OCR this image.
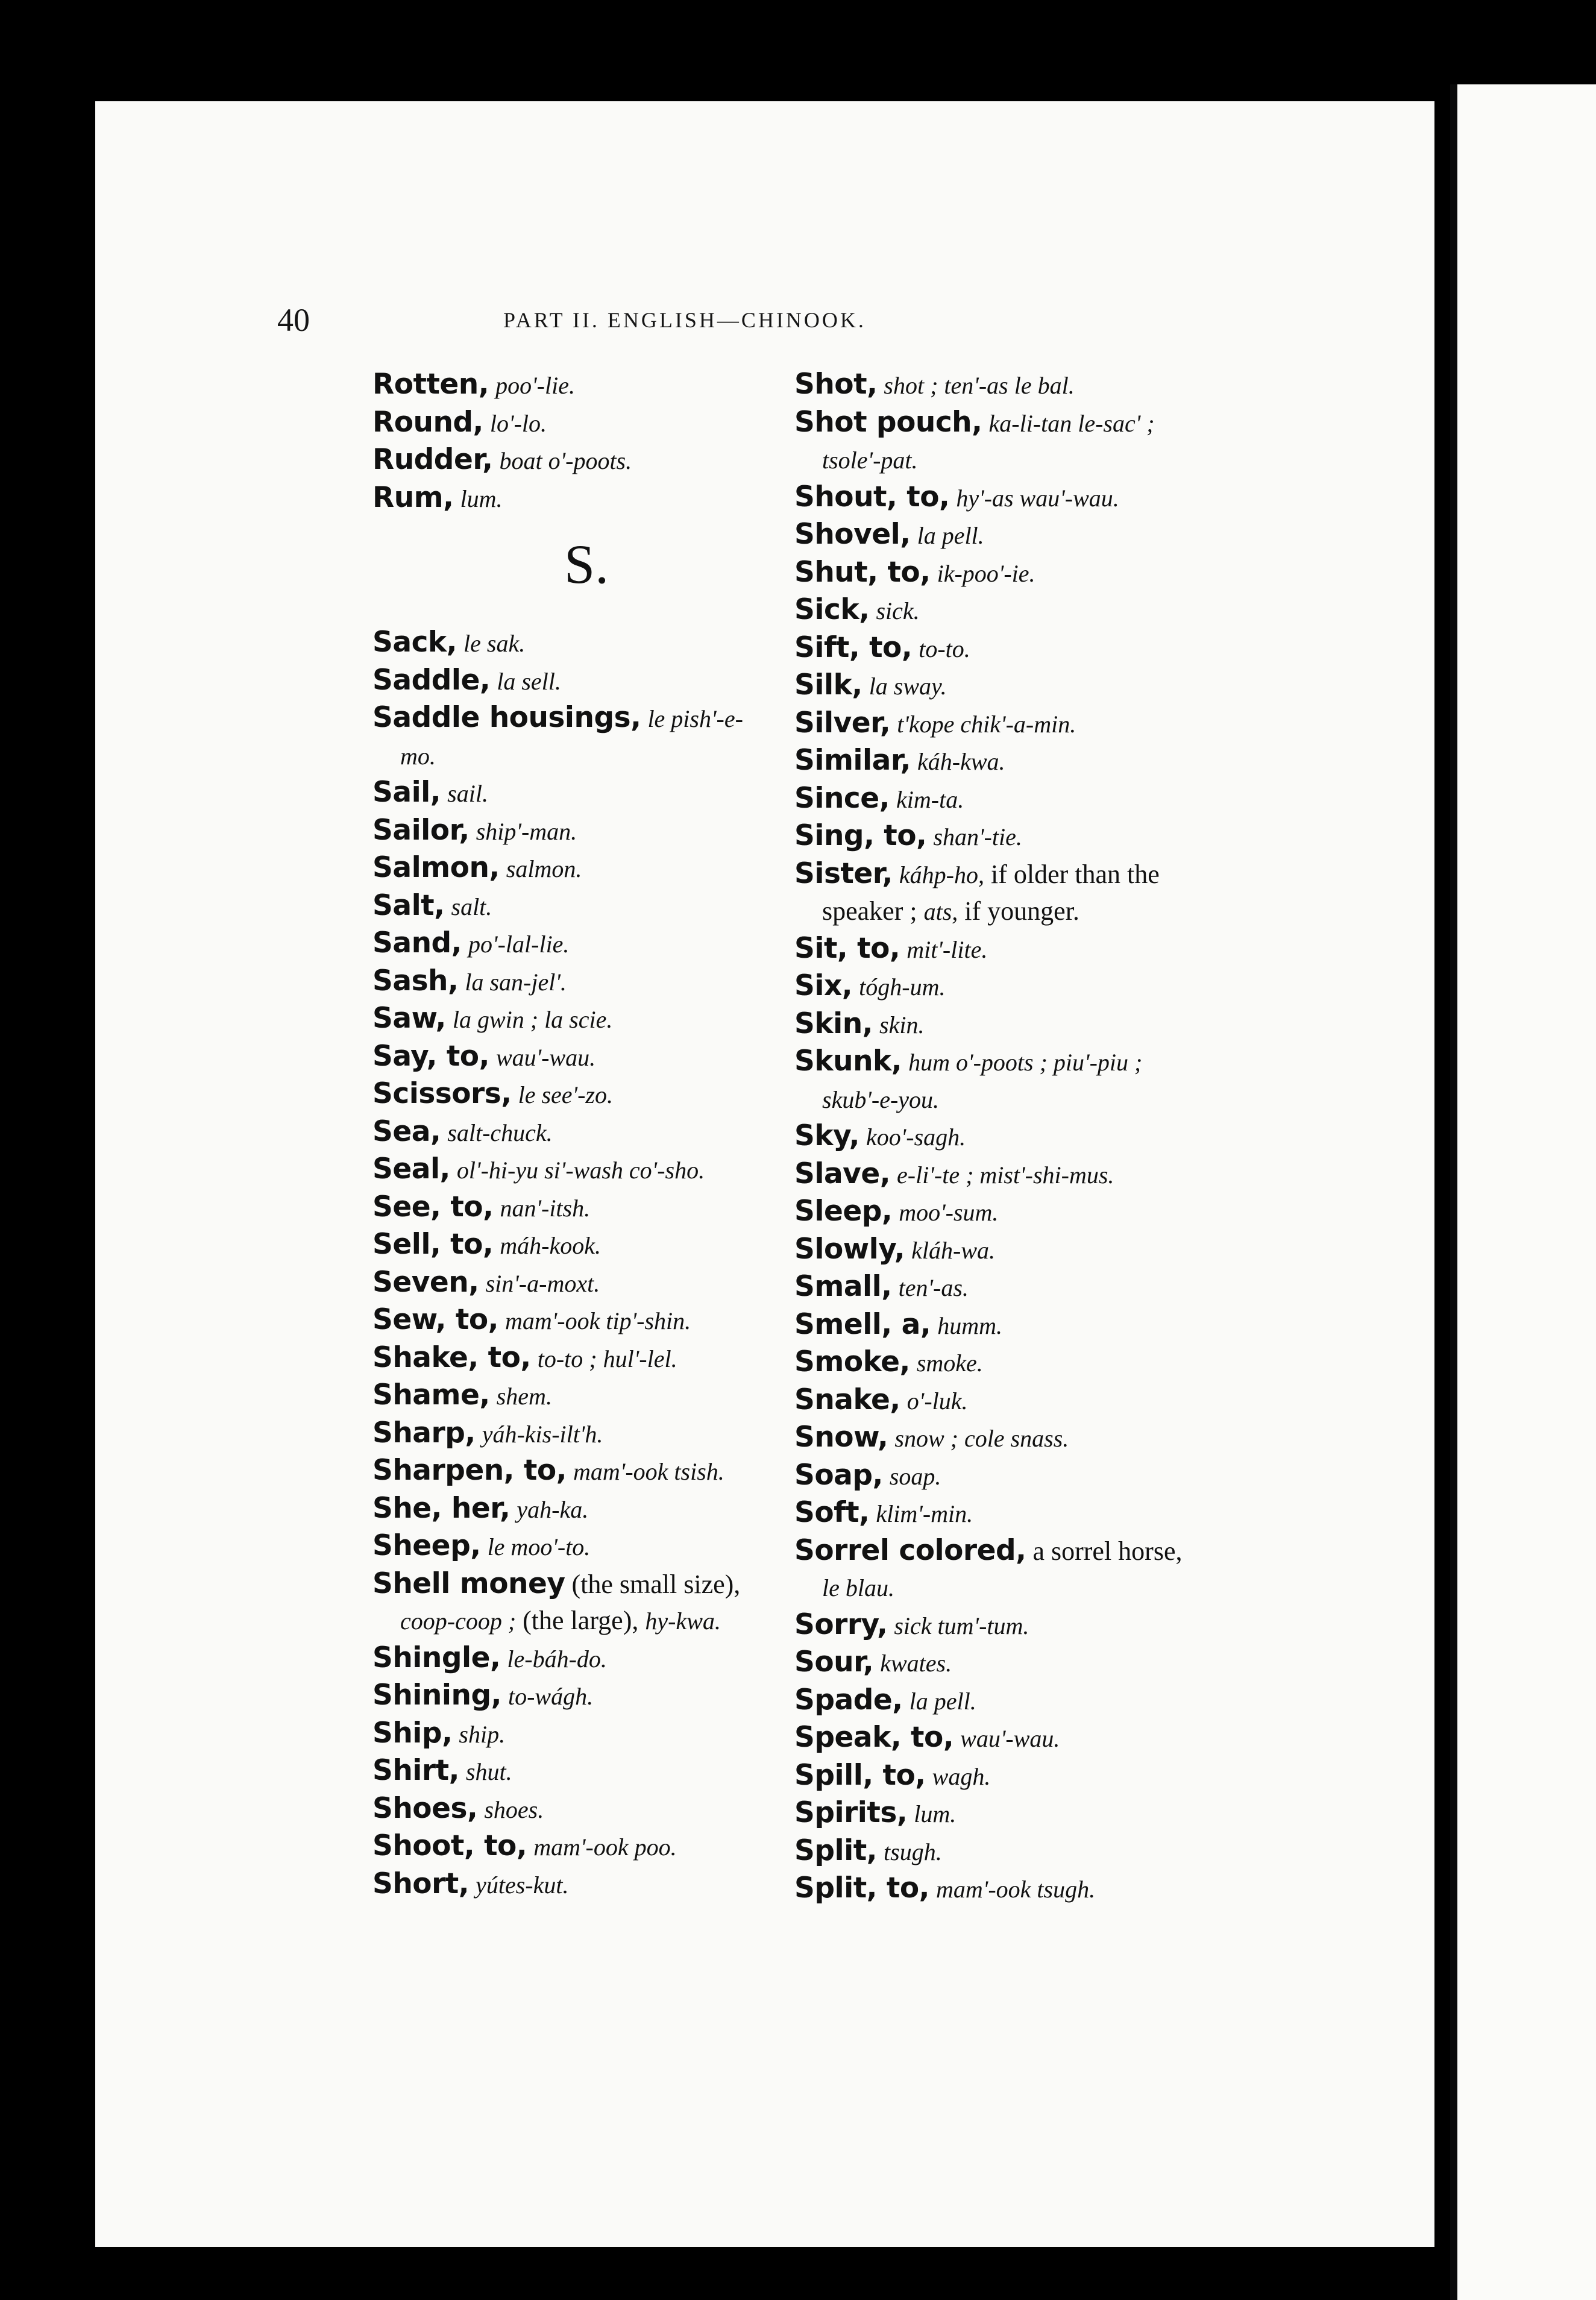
40	PART II. ENGLISH—CHINOOK.
Rotten, poo'-lie.
Round, lo'-lo.
Rudder, boat o'-poots.
Rum, lum.
S.
Sack, le sak.
Saddle, la sell.
Saddle housings, le pish'-e-
mo.
Sail, sail.
Sailor, ship'-man.
Salmon, salmon.
Salt, salt.
Sand, po'-lal-lie.
Sash, la san-jel'.
Saw, la gwin ; la scie.
Say, to, wau'-wau.
Scissors, le see'-zo.
Sea, salt-chuck.
Seal, ol'-hi-yu si'-wash co'-sho.
See, to, nan'-itsh.
Sell, to, máh-kook.
Seven, sin'-a-moxt.
Sew, to, mam'-ook tip'-shin.
Shake, to, to-to ; hul'-lel.
Shame, shem.
Sharp, yáh-kis-ilt'h.
Sharpen, to, mam'-ook tsish.
She, her, yah-ka.
Sheep, le moo'-to.
Shell money (the small size),
coop-coop ; (the large), hy-kwa.
Shingle, le-báh-do.
Shining, to-wágh.
Ship, ship.
Shirt, shut.
Shoes, shoes.
Shoot, to, mam'-ook poo.
Short, yútes-kut.
Shot, shot ; ten'-as le bal.
Shot pouch, ka-li-tan le-sac' ;
tsole'-pat.
Shout, to, hy'-as wau'-wau.
Shovel, la pell.
Shut, to, ik-poo'-ie.
Sick, sick.
Sift, to, to-to.
Silk, la sway.
Silver, t'kope chik'-a-min.
Similar, káh-kwa.
Since, kim-ta.
Sing, to, shan'-tie.
Sister, káhp-ho, if older than the
speaker ; ats, if younger.
Sit, to, mit'-lite.
Six, tógh-um.
Skin, skin.
Skunk, hum o'-poots ; piu'-piu ;
skub'-e-you.
Sky, koo'-sagh.
Slave, e-li'-te ; mist'-shi-mus.
Sleep, moo'-sum.
Slowly, kláh-wa.
Small, ten'-as.
Smell, a, humm.
Smoke, smoke.
Snake, o'-luk.
Snow, snow ; cole snass.
Soap, soap.
Soft, klim'-min.
Sorrel colored, a sorrel horse,
le blau.
Sorry, sick tum'-tum.
Sour, kwates.
Spade, la pell.
Speak, to, wau'-wau.
Spill, to, wagh.
Spirits, lum.
Split, tsugh.
Split, to, mam'-ook tsugh.
